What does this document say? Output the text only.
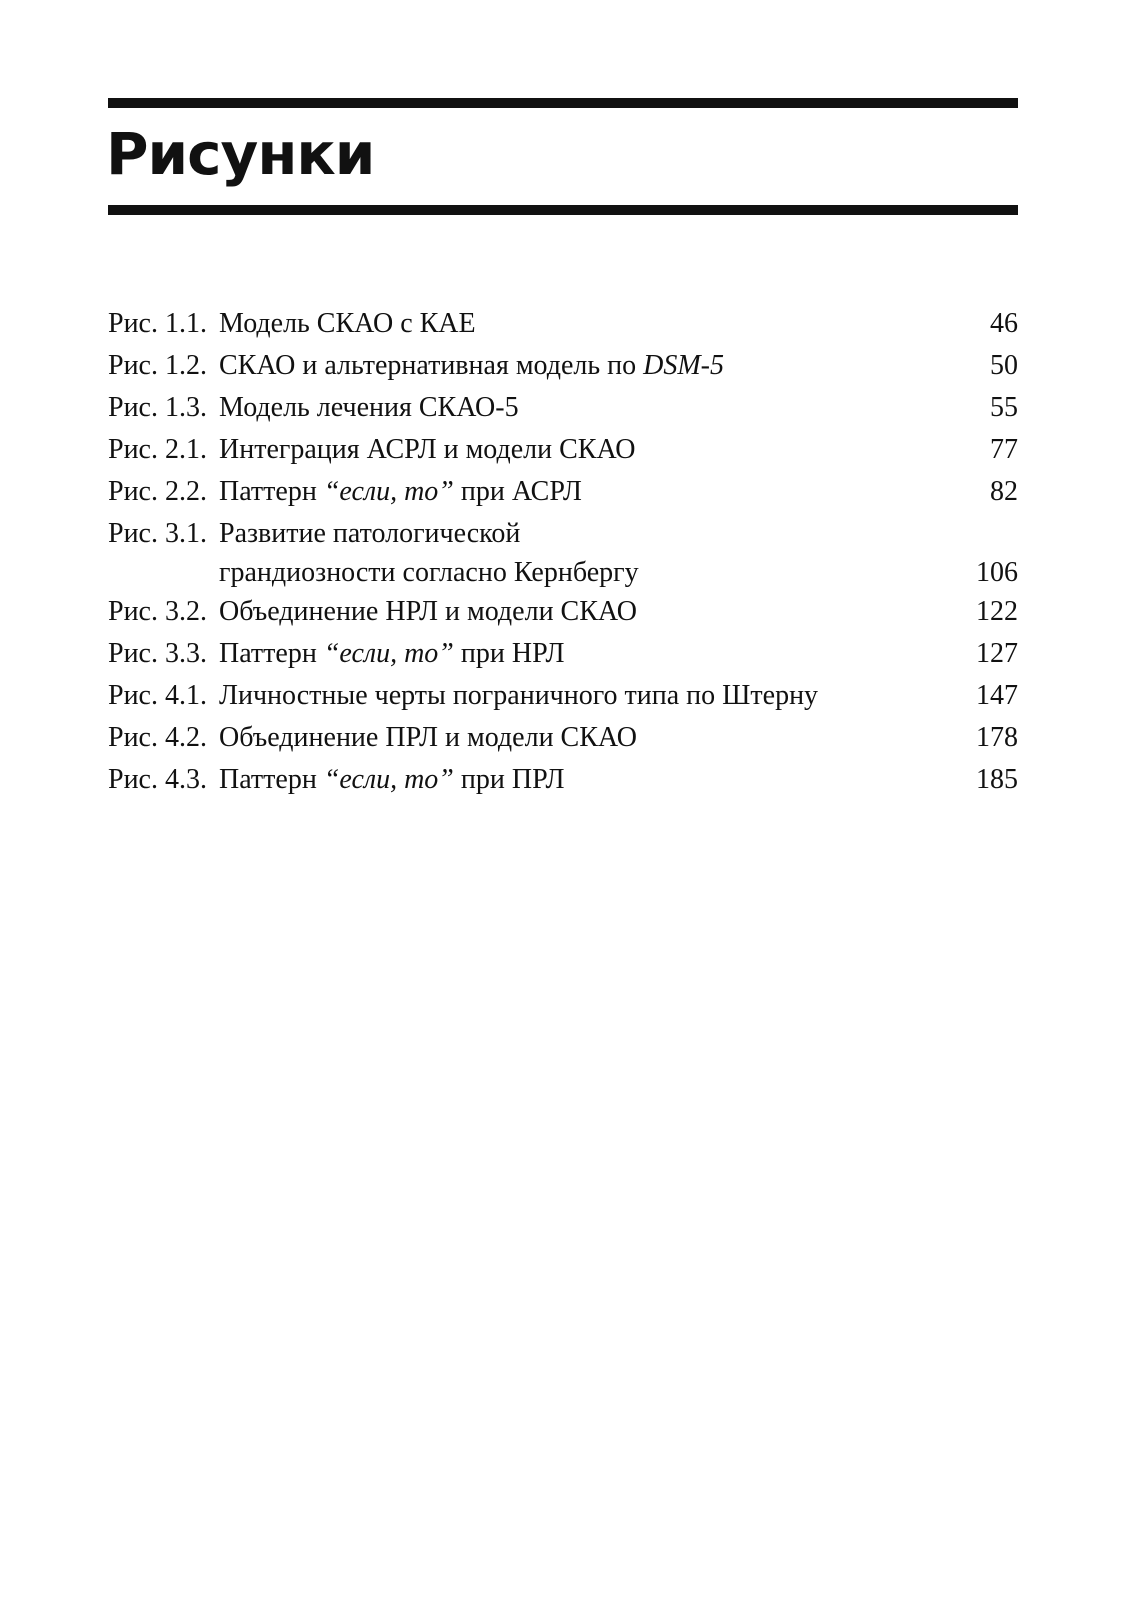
Рисунки
Рис. 1.1. Модель СКАО с КАЕ	46
Рис. 1.2. СКАО и альтернативная модель по DSM-5	50
Рис. 1.3. Модель лечения СКАО-5	55
Рис. 2.1. Интеграция АСРЛ и модели СКАО	77
Рис. 2.2. Паттерн “если, то” при АСРЛ	82
Рис. 3.1. Развитие патологической
грандиозности согласно Кернбергу	106
Рис. 3.2. Объединение НРЛ и модели СКАО	122
Рис. 3.3. Паттерн “если, то” при НРЛ	127
Рис. 4.1. Личностные черты пограничного типа по Штерну	147
Рис. 4.2. Объединение ПРЛ и модели СКАО	178
Рис. 4.3. Паттерн “если, то” при ПРЛ	185
